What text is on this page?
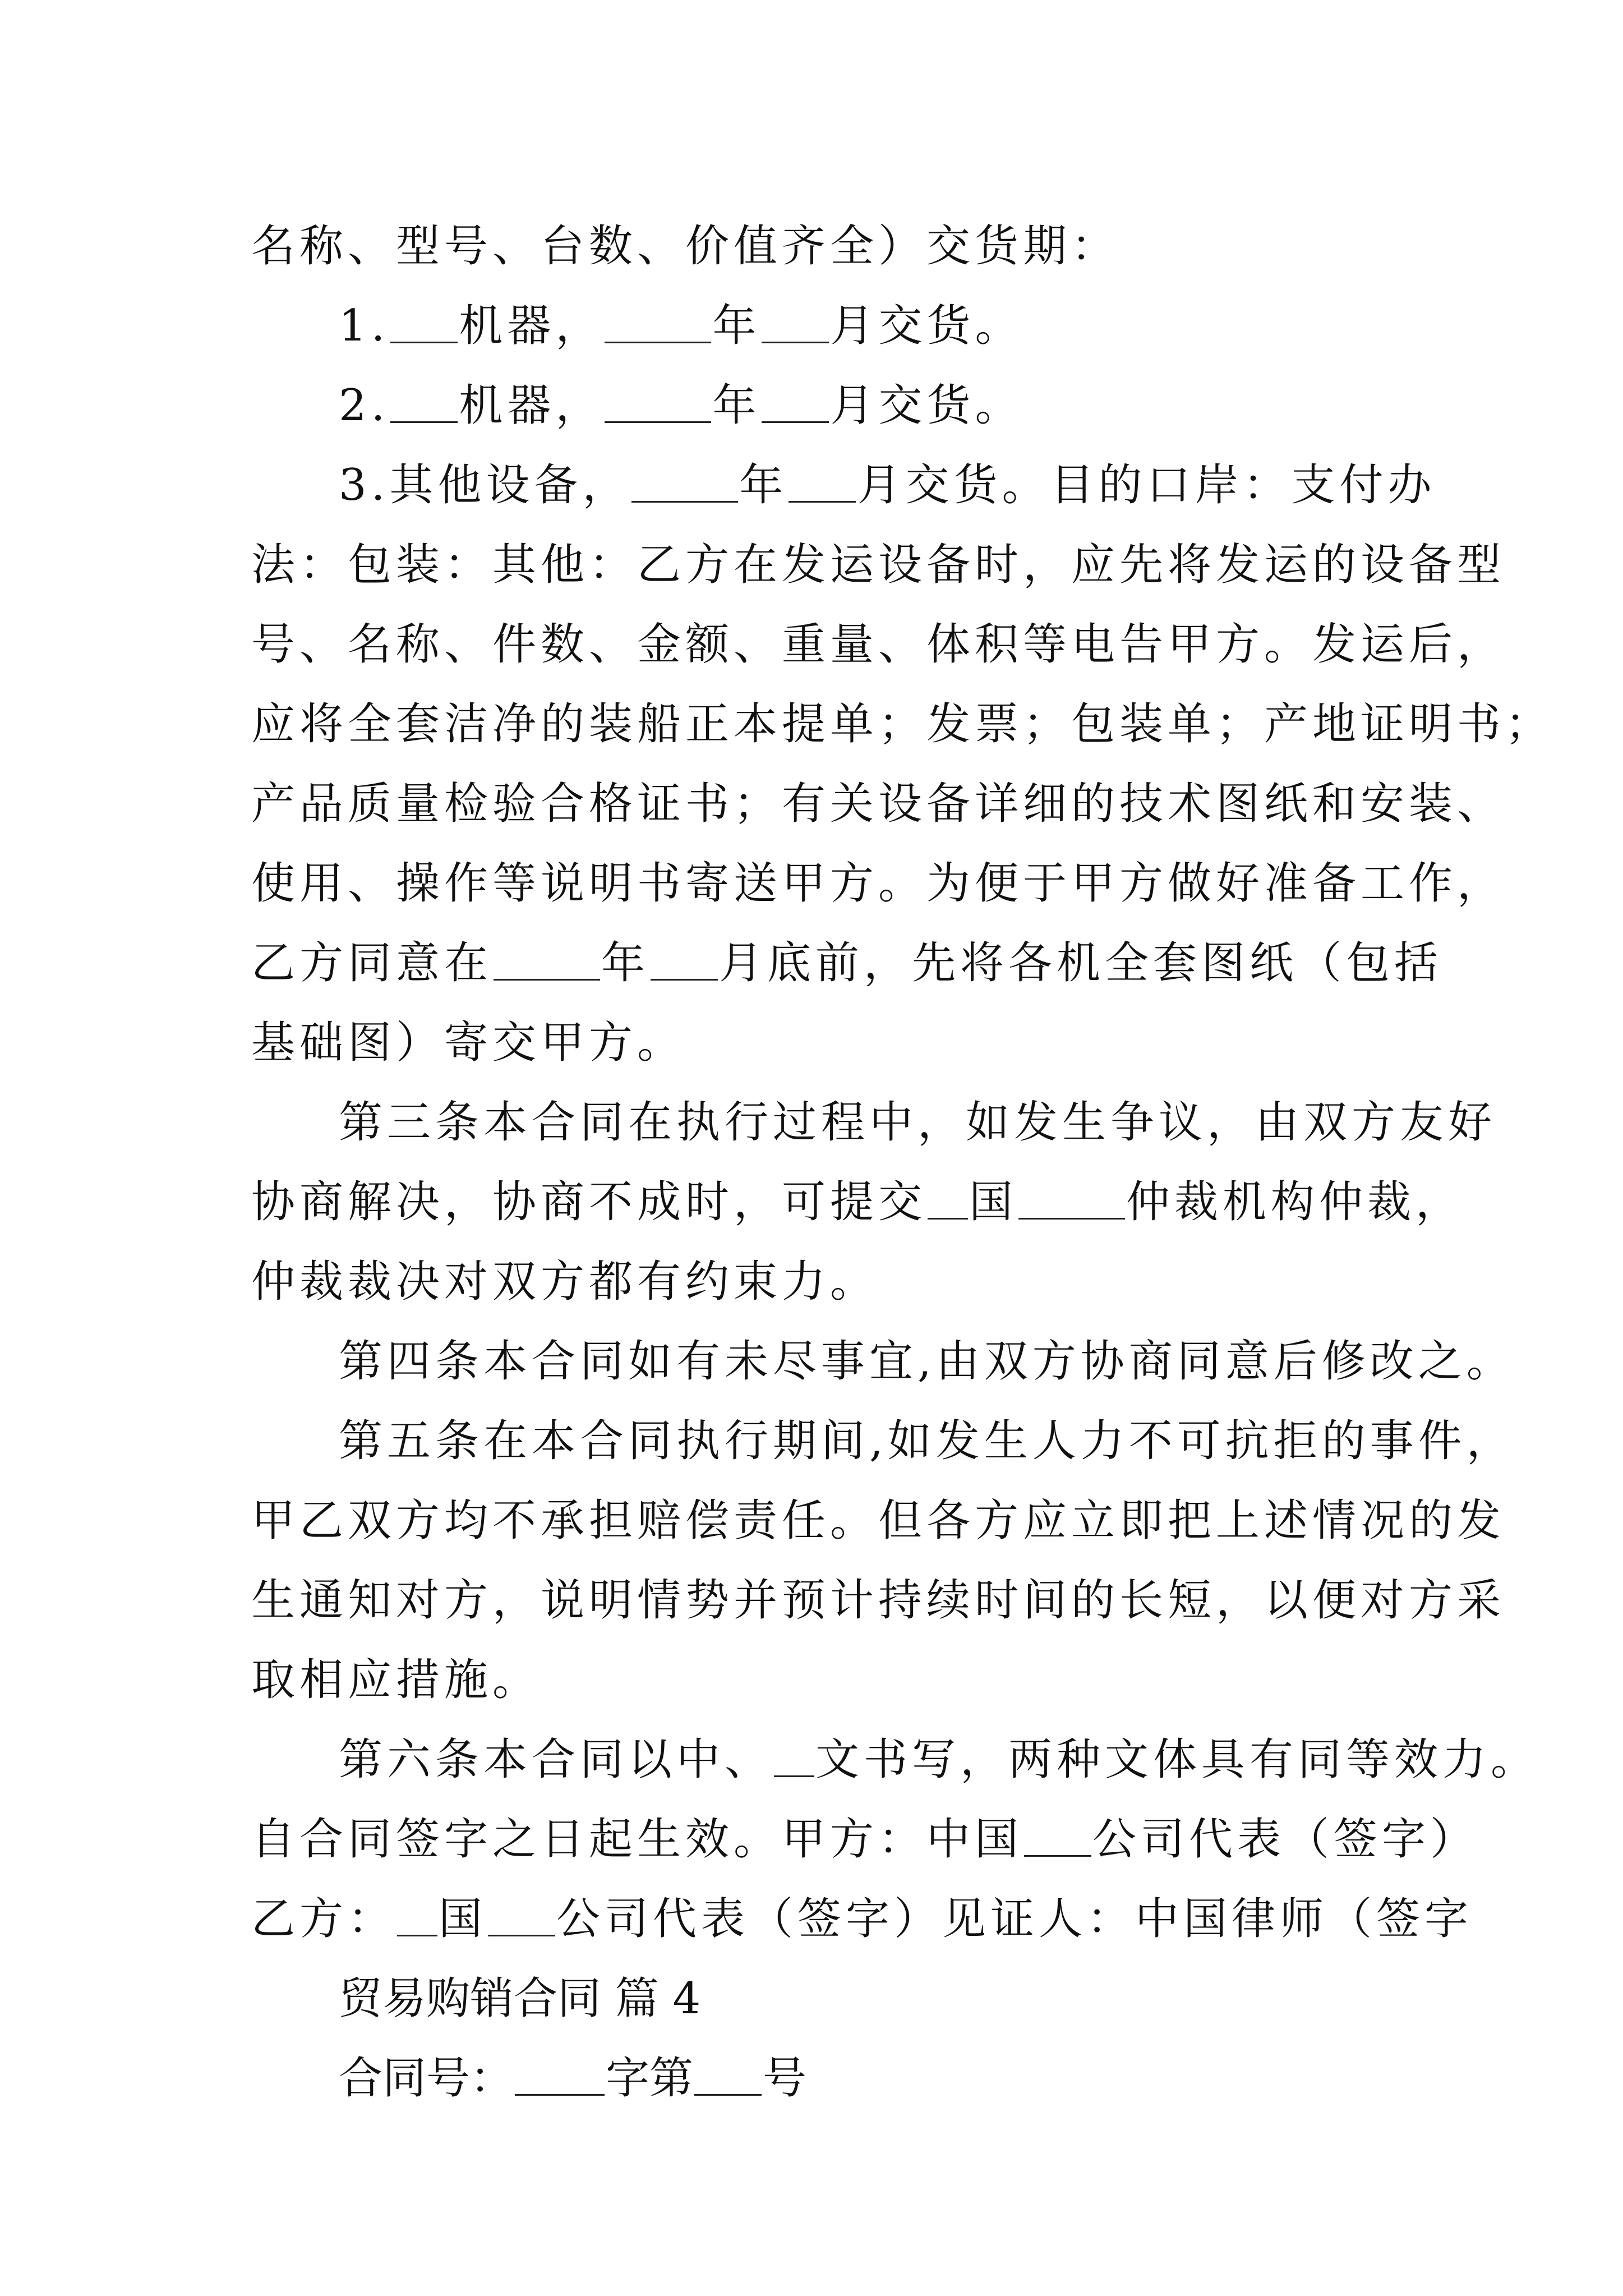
名称、型号、台数、价值齐全）交货期：

1. 机器， 年 月交货。

2. 机器， 年 月交货。

3.其他设备， 年 月交货。目的口岸：支付办

法：包装：其他：乙方在发运设备时，应先将发运的设备型

号、名称、件数、金额、重量、体积等电告甲方。发运后，

应将全套洁净的装船正本提单；发票；包装单；产地证明书；

产品质量检验合格证书；有关设备详细的技术图纸和安装、

使用、操作等说明书寄送甲方。为便于甲方做好准备工作，

乙方同意在 年 月底前，先将各机全套图纸（包括

基础图）寄交甲方。

第三条本合同在执行过程中，如发生争议，由双方友好

协商解决，协商不成时，可提交 国 仲裁机构仲裁，

仲裁裁决对双方都有约束力。

第四条本合同如有未尽事宜,由双方协商同意后修改之。

第五条在本合同执行期间,如发生人力不可抗拒的事件，

甲乙双方均不承担赔偿责任。但各方应立即把上述情况的发

生通知对方，说明情势并预计持续时间的长短，以便对方采

取相应措施。

第六条本合同以中、 文书写，两种文体具有同等效力。

自合同签字之日起生效。甲方：中国 公司代表（签字）

乙方： 国 公司代表（签字）见证人：中国律师（签字

贸易购销合同 篇 4

合同号： 字第 号
